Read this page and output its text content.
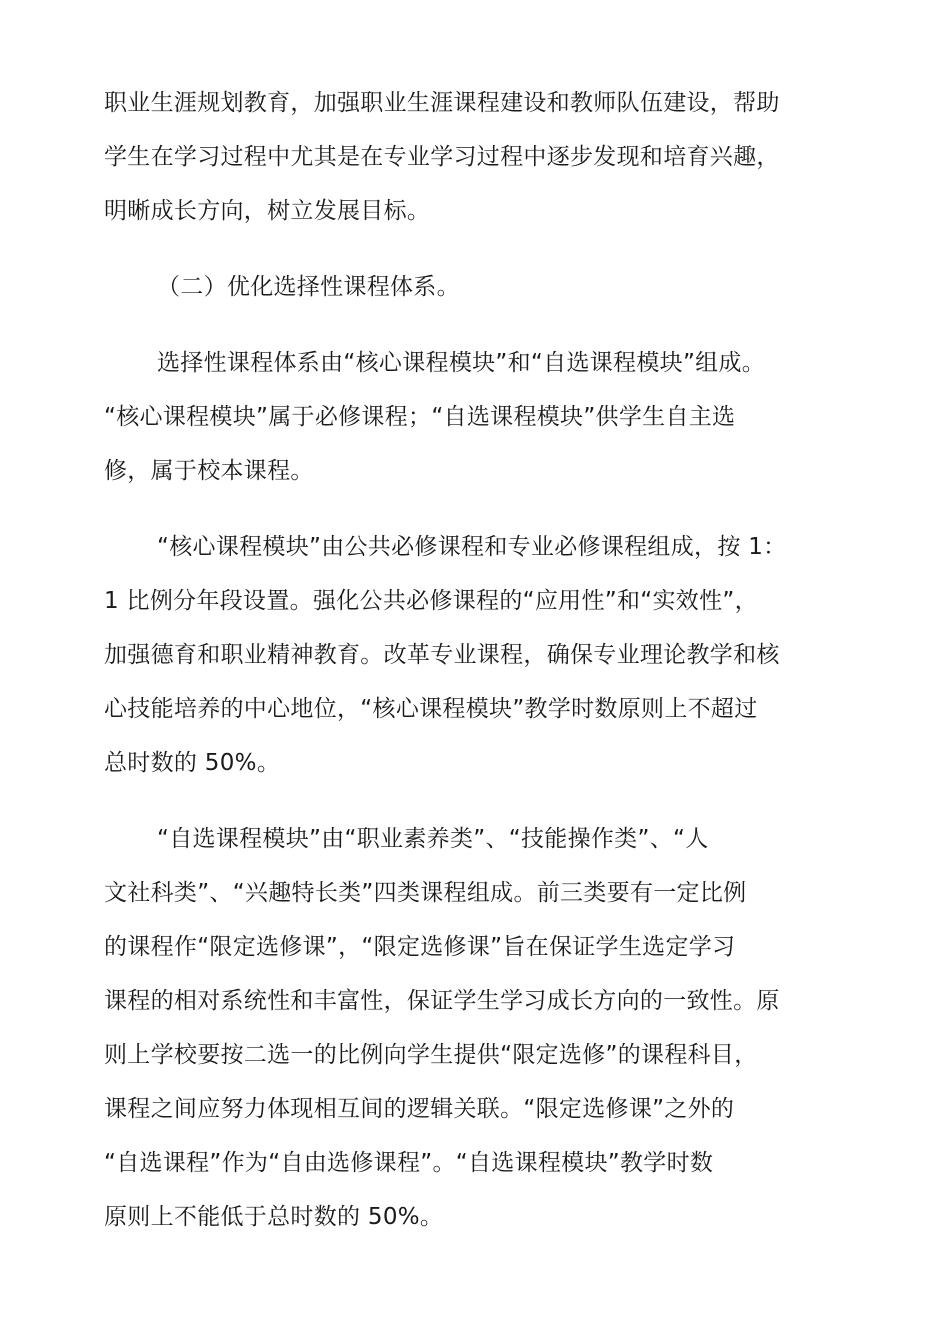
职业生涯规划教育，加强职业生涯课程建设和教师队伍建设，帮助
学生在学习过程中尤其是在专业学习过程中逐步发现和培育兴趣，
明晰成长方向，树立发展目标。
（二）优化选择性课程体系。
选择性课程体系由“核心课程模块”和“自选课程模块”组成。
“核心课程模块”属于必修课程；“自选课程模块”供学生自主选
修，属于校本课程。
“核心课程模块”由公共必修课程和专业必修课程组成，按 1：
1 比例分年段设置。强化公共必修课程的“应用性”和“实效性”，
加强德育和职业精神教育。改革专业课程，确保专业理论教学和核
心技能培养的中心地位，“核心课程模块”教学时数原则上不超过
总时数的 50%。
“自选课程模块”由“职业素养类”、“技能操作类”、“人
文社科类”、“兴趣特长类”四类课程组成。前三类要有一定比例
的课程作“限定选修课”，“限定选修课”旨在保证学生选定学习
课程的相对系统性和丰富性，保证学生学习成长方向的一致性。原
则上学校要按二选一的比例向学生提供“限定选修”的课程科目，
课程之间应努力体现相互间的逻辑关联。“限定选修课”之外的
“自选课程”作为“自由选修课程”。“自选课程模块”教学时数
原则上不能低于总时数的 50%。
